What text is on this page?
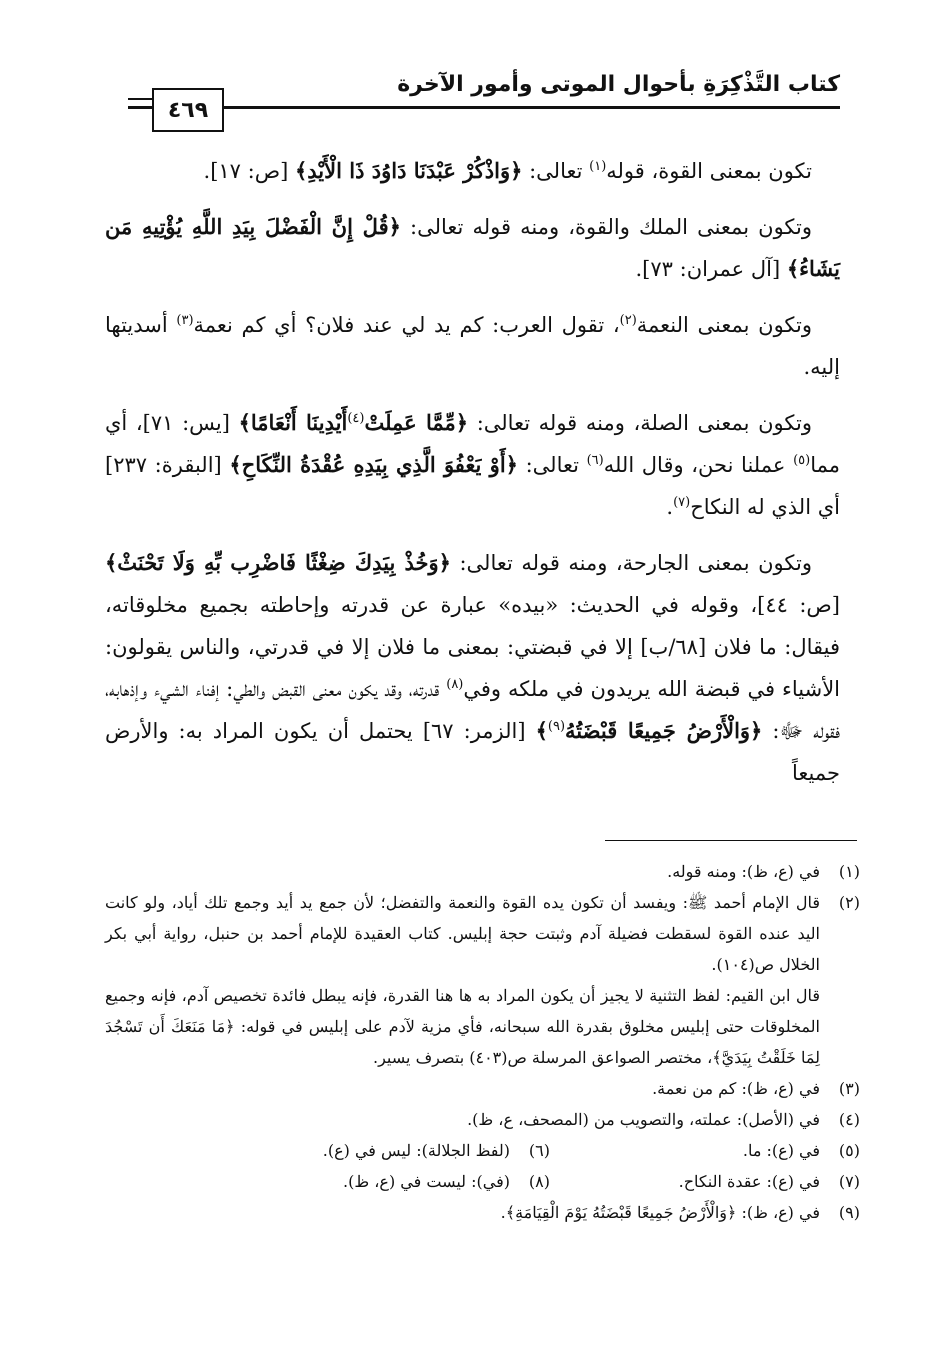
كتاب التَّذْكِرَةِ بأحوال الموتى وأمور الآخرة
٤٦٩

تكون بمعنى القوة، قوله$^{(١)}$ تعالى: ﴿وَاذْكُرْ عَبْدَنَا دَاوُدَ ذَا الْأَيْدِ﴾ [ص: ١٧].

وتكون بمعنى الملك والقوة، ومنه قوله تعالى: ﴿قُلْ إِنَّ الْفَضْلَ بِيَدِ اللَّهِ يُؤْتِيهِ مَن يَشَاءُ﴾ [آل عمران: ٧٣].

وتكون بمعنى النعمة$^{(٢)}$، تقول العرب: كم يد لي عند فلان؟ أي كم نعمة$^{(٣)}$ أسديتها إليه.

وتكون بمعنى الصلة، ومنه قوله تعالى: ﴿مِّمَّا عَمِلَتْ$^{(٤)}$أَيْدِينَا أَنْعَامًا﴾ [يس: ٧١]، أي مما$^{(٥)}$ عملنا نحن، وقال الله$^{(٦)}$ تعالى: ﴿أَوْ يَعْفُوَ الَّذِي بِيَدِهِ عُقْدَةُ النِّكَاحِ﴾ [البقرة: ٢٣٧] أي الذي له النكاح$^{(٧)}$.

وتكون بمعنى الجارحة، ومنه قوله تعالى: ﴿وَخُذْ بِيَدِكَ ضِغْثًا فَاضْرِب بِّهِ وَلَا تَحْنَثْ﴾ [ص: ٤٤]، وقوله في الحديث: «بيده» عبارة عن قدرته وإحاطته بجميع مخلوقاته، فيقال: ما فلان [٦٨/ب] إلا في قبضتي: بمعنى ما فلان إلا في قدرتي، والناس يقولون: الأشياء في قبضة الله يريدون في ملكه وفي$^{(٨)}$ قدرته، وقد يكون معنى القبض والطي: إفناء الشيء وإذهابه، فقوله ﷻ: ﴿وَالْأَرْضُ جَمِيعًا قَبْضَتُهُ$^{(٩)}$﴾ [الزمر: ٦٧] يحتمل أن يكون المراد به: والأرض جميعاً

(١)
في (ع، ظ): ومنه قوله.
(٢)

قال الإمام أحمد ﷺ: ويفسد أن تكون يده القوة والنعمة والتفضل؛ لأن جمع يد أيد وجمع تلك أياد، ولو كانت اليد عنده القوة لسقطت فضيلة آدم وثبتت حجة إبليس. كتاب العقيدة للإمام أحمد بن حنبل، رواية أبي بكر الخلال ص(١٠٤).

قال ابن القيم: لفظ التثنية لا يجيز أن يكون المراد به ها هنا القدرة، فإنه يبطل فائدة تخصيص آدم، فإنه وجميع المخلوقات حتى إبليس مخلوق بقدرة الله سبحانه، فأي مزية لآدم على إبليس في قوله: ﴿مَا مَنَعَكَ أَن تَسْجُدَ لِمَا خَلَقْتُ بِيَدَيَّ﴾، مختصر الصواعق المرسلة ص(٤٠٣) بتصرف يسير.

(٣)
في (ع، ظ): كم من نعمة.
(٤)
في (الأصل): عملته، والتصويب من (المصحف، ع، ظ).
(٥)
في (ع): ما.
(٦)
(لفظ الجلالة): ليس في (ع).
(٧)
في (ع): عقدة النكاح.
(٨)
(في): ليست في (ع، ظ).
(٩)
في (ع، ظ): ﴿وَالْأَرْضُ جَمِيعًا قَبْضَتُهُ يَوْمَ الْقِيَامَةِ﴾.
